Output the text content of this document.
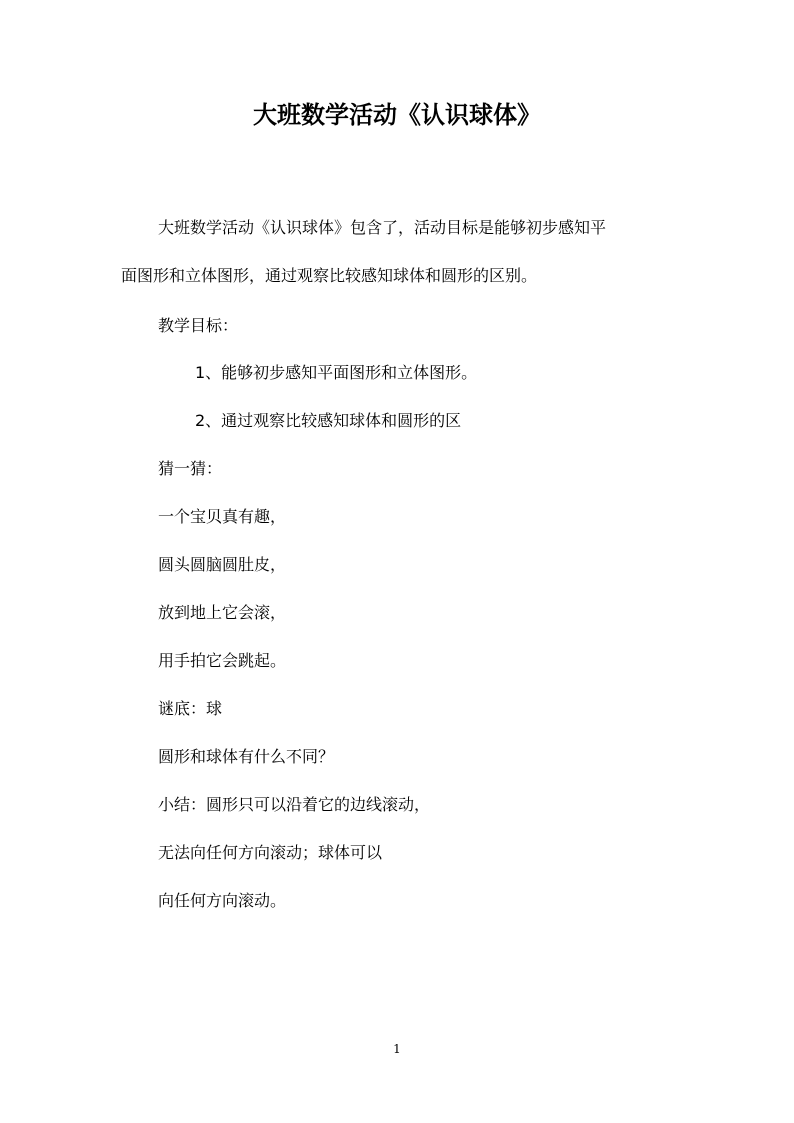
大班数学活动《认识球体》

大班数学活动《认识球体》包含了，活动目标是能够初步感知平

面图形和立体图形，通过观察比较感知球体和圆形的区别。

教学目标：

1、能够初步感知平面图形和立体图形。

2、通过观察比较感知球体和圆形的区

猜一猜：

一个宝贝真有趣，

圆头圆脑圆肚皮，

放到地上它会滚，

用手拍它会跳起。

谜底：球

圆形和球体有什么不同？

小结：圆形只可以沿着它的边线滚动，

无法向任何方向滚动；球体可以

向任何方向滚动。

1
